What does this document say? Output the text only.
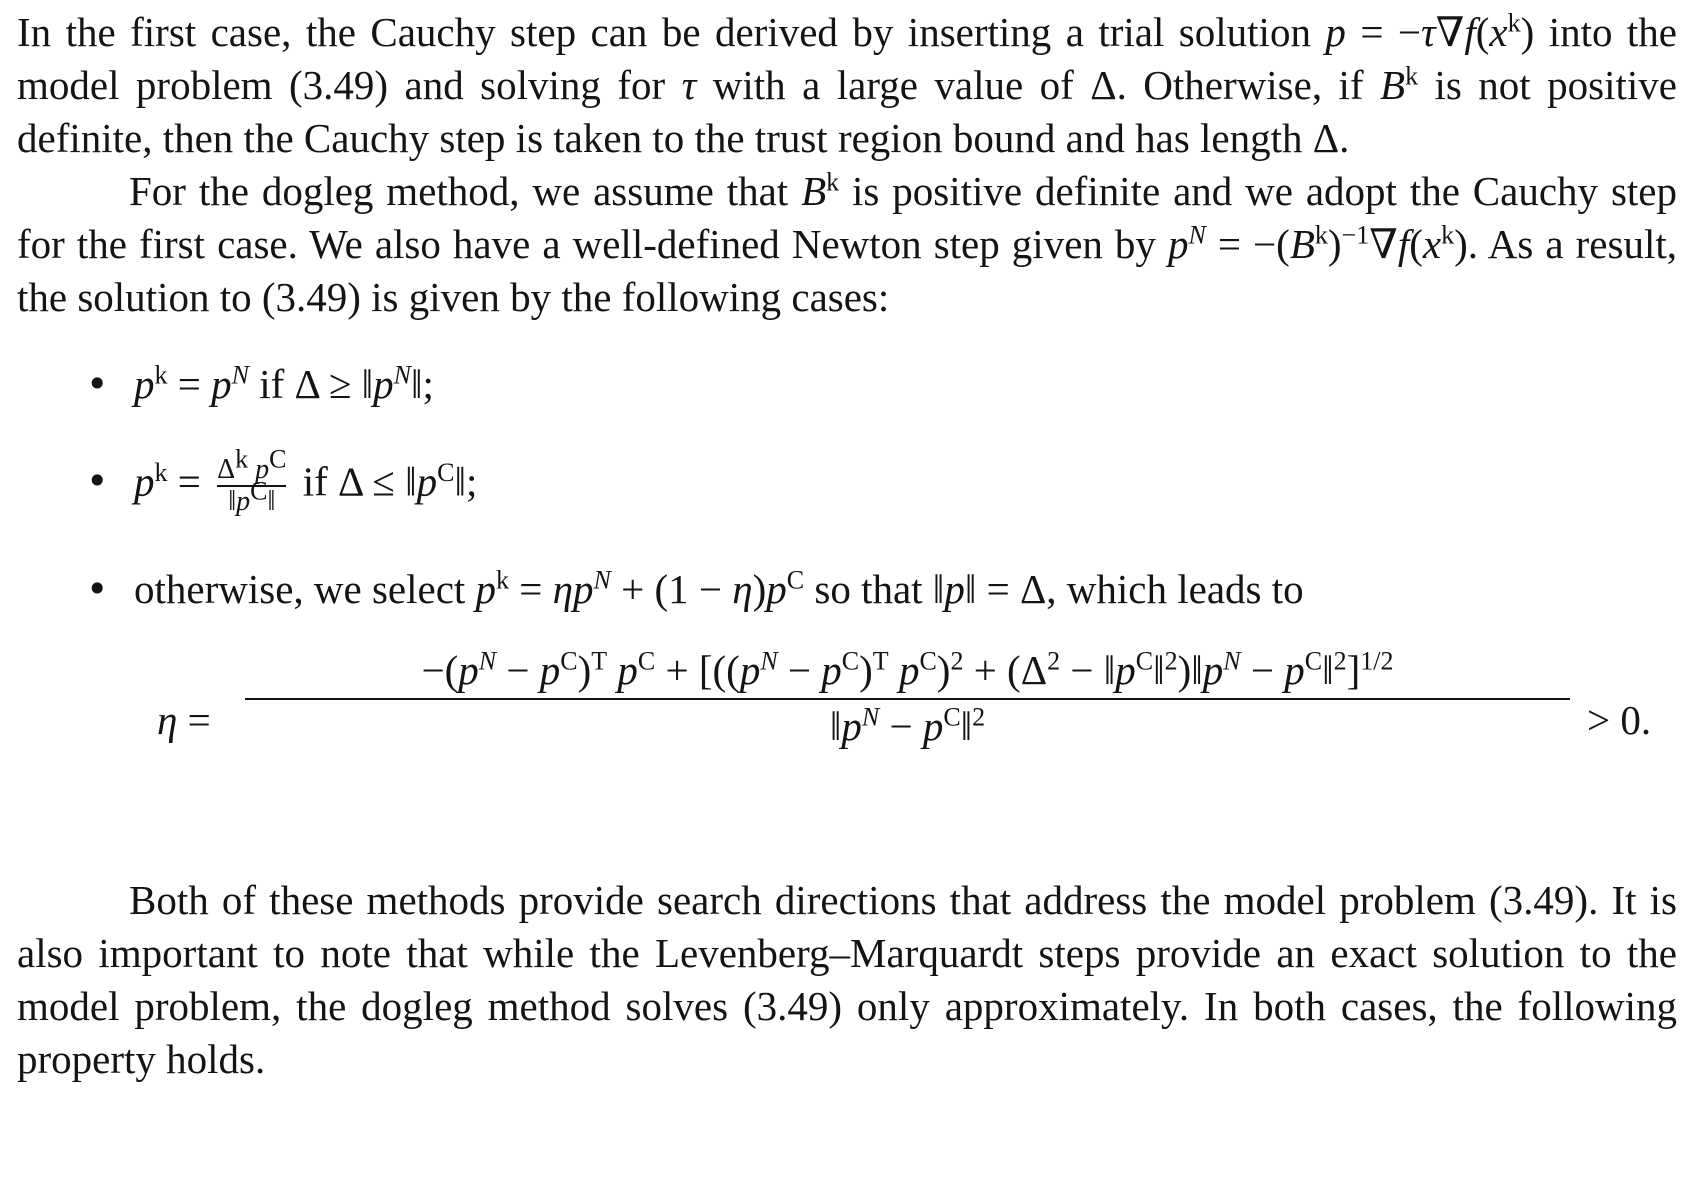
In the first case, the Cauchy step can be derived by inserting a trial solution $p = -\tau\nabla f(x^k)$ into the model problem (3.49) and solving for τ with a large value of Δ. Otherwise, if $B^k$ is not positive definite, then the Cauchy step is taken to the trust region bound and has length Δ.

For the dogleg method, we assume that $B^k$ is positive definite and we adopt the Cauchy step for the first case. We also have a well-defined Newton step given by $p^N = -(B^k)^{-1}\nabla f(x^k)$. As a result, the solution to (3.49) is given by the following cases:

• $p^k = p^N$ if $\Delta \ge ‖p^N‖$;
• $p^k = \frac{\Delta^k p^C}{‖p^C‖}$ if $\Delta \le ‖p^C‖$;
• otherwise, we select $p^k = \eta p^N + (1 - \eta)p^C$ so that ‖p‖ = Δ, which leads to
η =
$-(p^N - p^C)^T$ $p^C + [((p^N - p^C)^T$ $p^C)^2 + (\Delta^2$ − $‖p^C‖^2)‖p^N$ − $p^C‖^2]^{1/2}$
$‖p^N$ − $p^C‖^2$	> 0.

Both of these methods provide search directions that address the model problem (3.49). It is also important to note that while the Levenberg–Marquardt steps provide an exact solution to the model problem, the dogleg method solves (3.49) only approximately. In both cases, the following property holds.
